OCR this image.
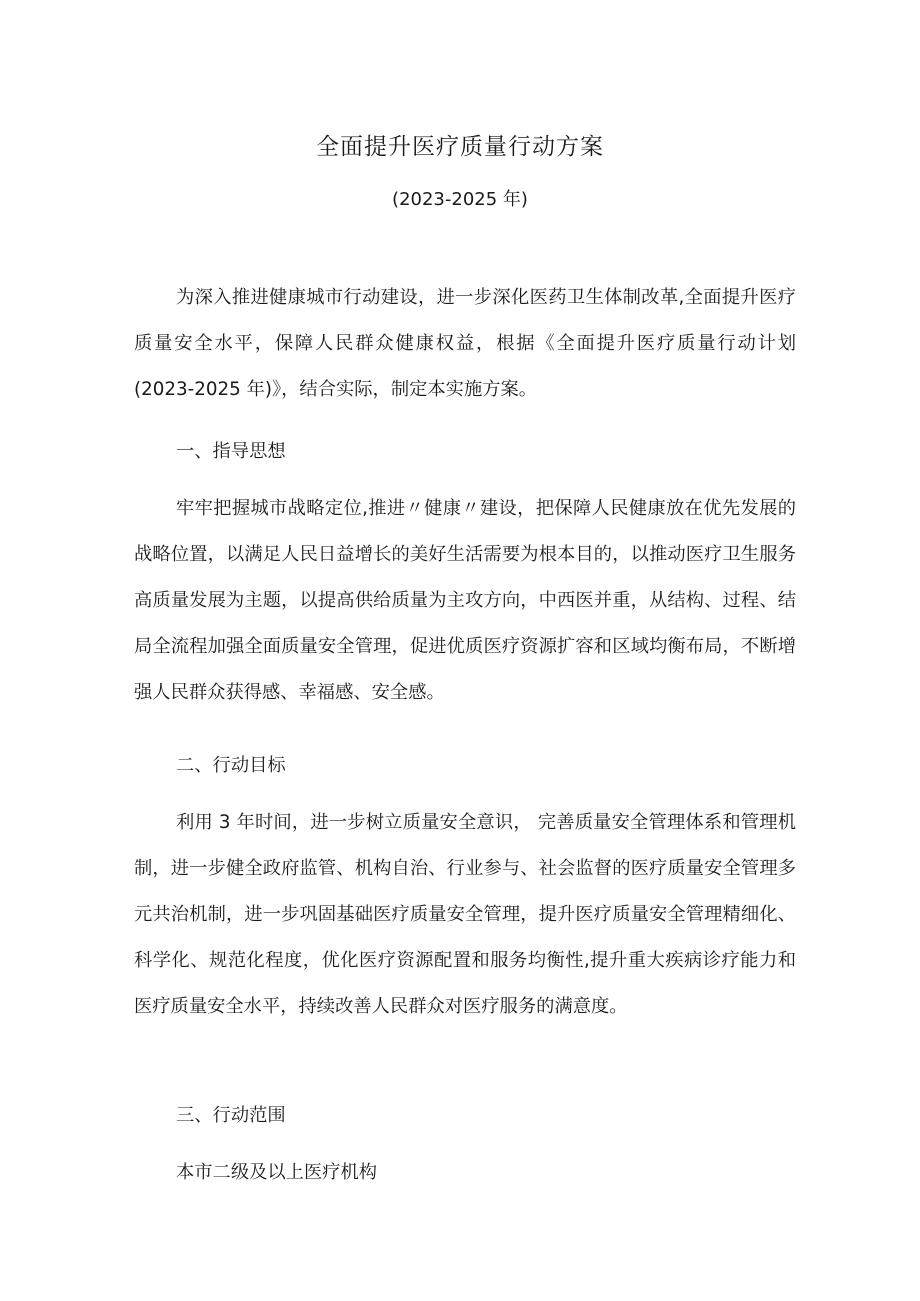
全面提升医疗质量行动方案
(2023-2025 年)

为深入推进健康城市行动建设，进一步深化医药卫生体制改革,全面提升医疗质量安全水平，保障人民群众健康权益，根据《全面提升医疗质量行动计划(2023-2025 年)》，结合实际，制定本实施方案。

一、指导思想

牢牢把握城市战略定位,推进〃健康〃建设，把保障人民健康放在优先发展的战略位置，以满足人民日益增长的美好生活需要为根本目的，以推动医疗卫生服务高质量发展为主题，以提高供给质量为主攻方向，中西医并重，从结构、过程、结局全流程加强全面质量安全管理，促进优质医疗资源扩容和区域均衡布局，不断增强人民群众获得感、幸福感、安全感。

二、行动目标

利用 3 年时间，进一步树立质量安全意识， 完善质量安全管理体系和管理机制，进一步健全政府监管、机构自治、行业参与、社会监督的医疗质量安全管理多元共治机制，进一步巩固基础医疗质量安全管理，提升医疗质量安全管理精细化、科学化、规范化程度，优化医疗资源配置和服务均衡性,提升重大疾病诊疗能力和医疗质量安全水平，持续改善人民群众对医疗服务的满意度。

三、行动范围

本市二级及以上医疗机构
